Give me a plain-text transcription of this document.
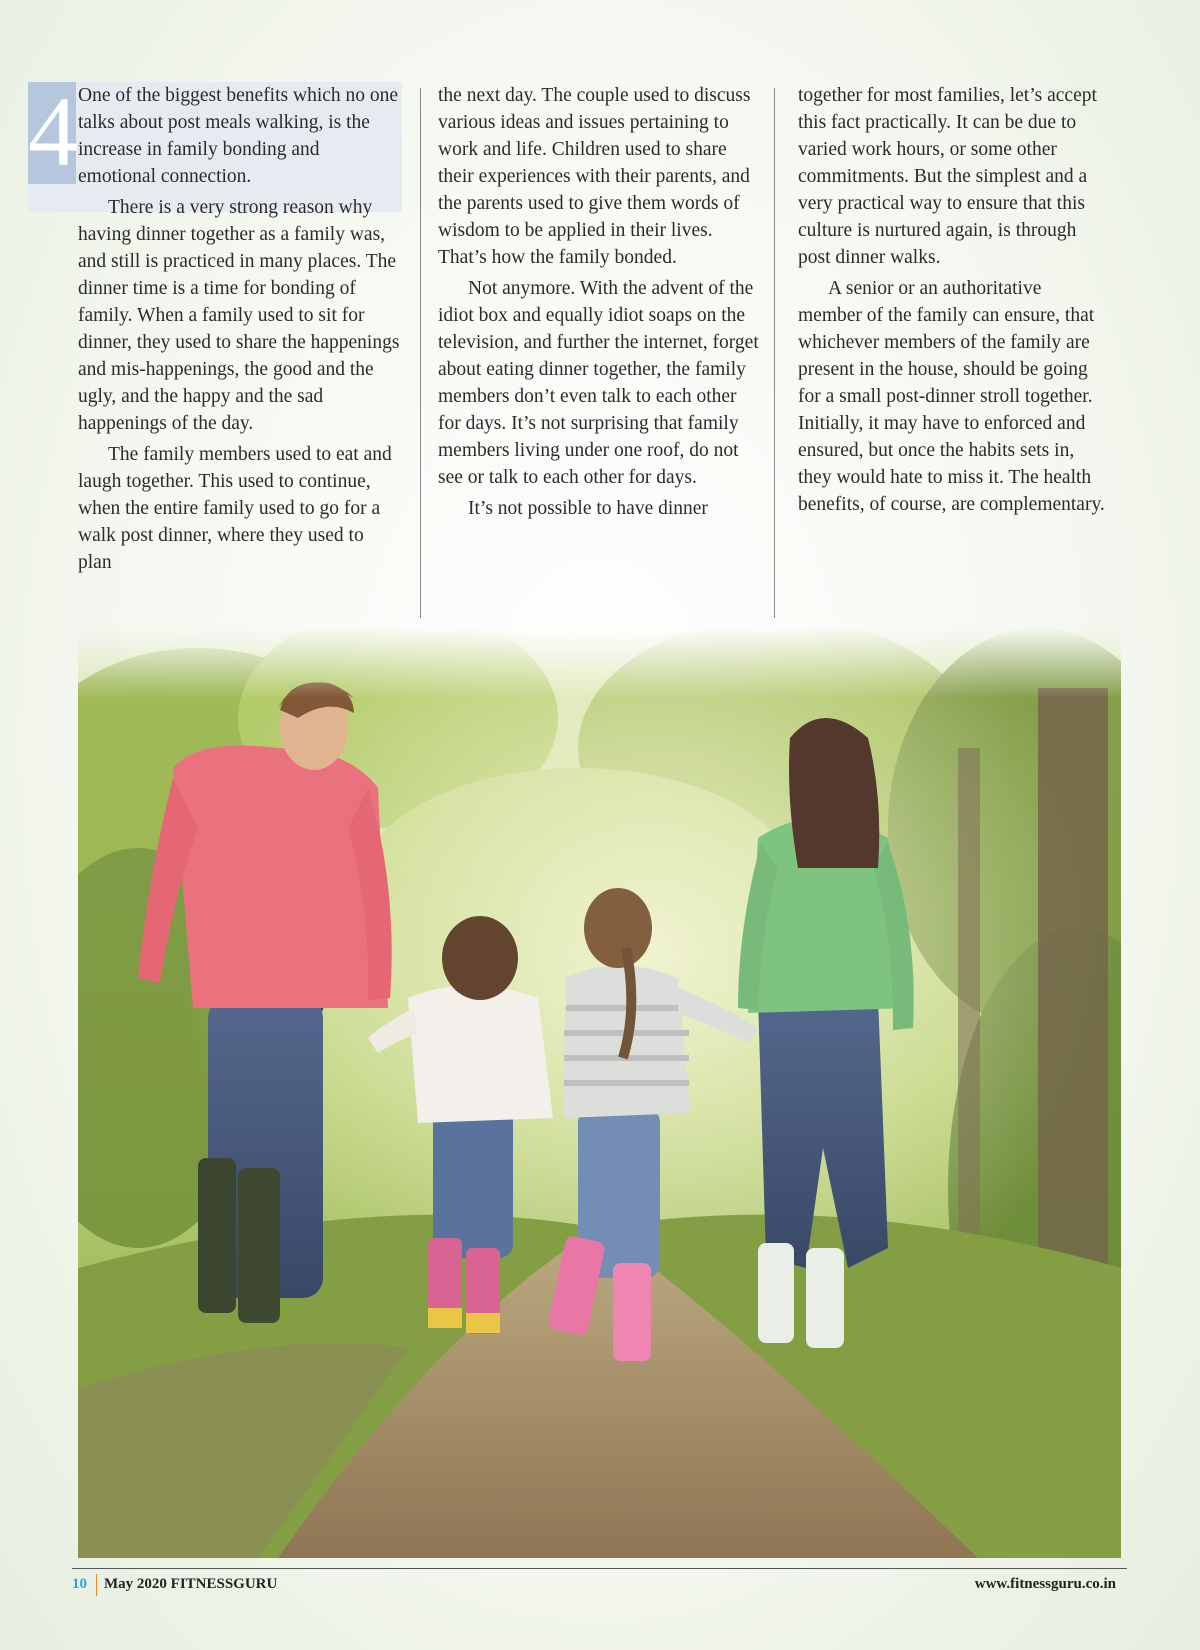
4 One of the biggest benefits which no one talks about post meals walking, is the increase in family bonding and emotional connection.

There is a very strong reason why having dinner together as a family was, and still is practiced in many places. The dinner time is a time for bonding of family. When a family used to sit for dinner, they used to share the happenings and mis-happenings, the good and the ugly, and the happy and the sad happenings of the day.

The family members used to eat and laugh together. This used to continue, when the entire family used to go for a walk post dinner, where they used to plan

the next day. The couple used to discuss various ideas and issues pertaining to work and life. Children used to share their experiences with their parents, and the parents used to give them words of wisdom to be applied in their lives. That’s how the family bonded.

Not anymore. With the advent of the idiot box and equally idiot soaps on the television, and further the internet, forget about eating dinner together, the family members don’t even talk to each other for days. It’s not surprising that family members living under one roof, do not see or talk to each other for days.

It’s not possible to have dinner

together for most families, let’s accept this fact practically. It can be due to varied work hours, or some other commitments. But the simplest and a very practical way to ensure that this culture is nurtured again, is through post dinner walks.

A senior or an authoritative member of the family can ensure, that whichever members of the family are present in the house, should be going for a small post-dinner stroll together. Initially, it may have to enforced and ensured, but once the habits sets in, they would hate to miss it. The health benefits, of course, are complementary.

10 May 2020 FITNESSGURU	www.fitnessguru.co.in
